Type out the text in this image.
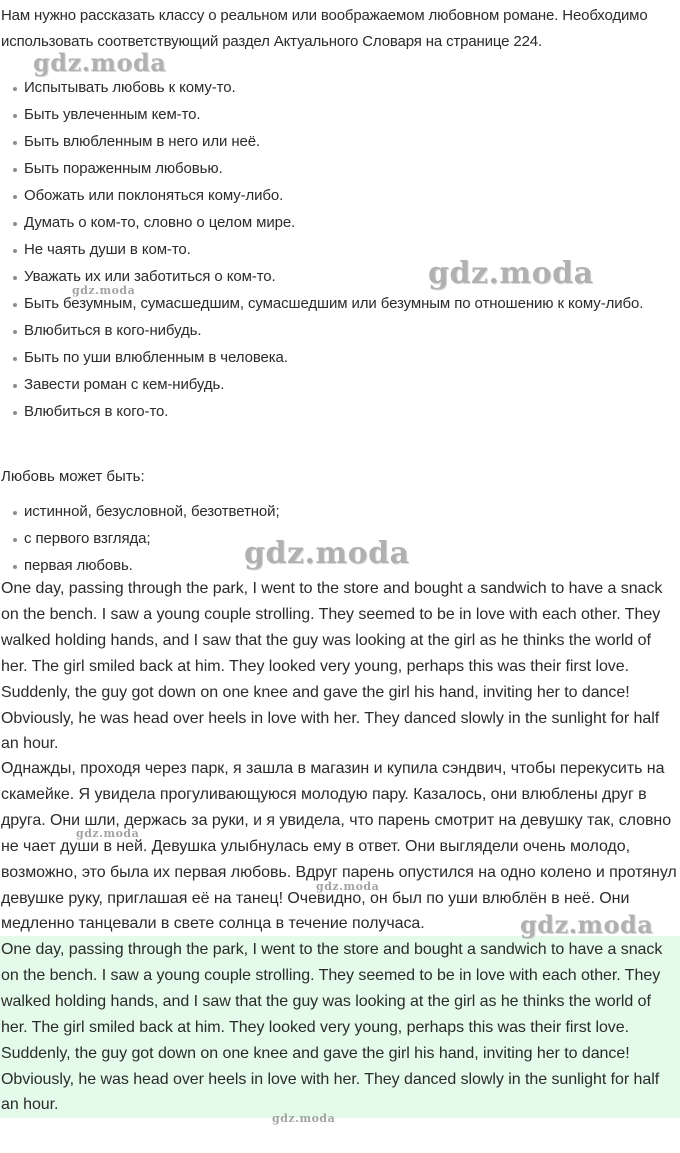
Нам нужно рассказать классу о реальном или воображаемом любовном романе. Необходимо использовать соответствующий раздел Актуального Словаря на странице 224.

Испытывать любовь к кому-то.
Быть увлеченным кем-то.
Быть влюбленным в него или неё.
Быть пораженным любовью.
Обожать или поклоняться кому-либо.
Думать о ком-то, словно о целом мире.
Не чаять души в ком-то.
Уважать их или заботиться о ком-то.
Быть безумным, сумасшедшим, сумасшедшим или безумным по отношению к кому-либо.
Влюбиться в кого-нибудь.
Быть по уши влюбленным в человека.
Завести роман с кем-нибудь.
Влюбиться в кого-то.
Любовь может быть:
истинной, безусловной, безответной;
с первого взгляда;
первая любовь.

One day, passing through the park, I went to the store and bought a sandwich to have a snack on the bench. I saw a young couple strolling. They seemed to be in love with each other. They walked holding hands, and I saw that the guy was looking at the girl as he thinks the world of her. The girl smiled back at him. They looked very young, perhaps this was their first love. Suddenly, the guy got down on one knee and gave the girl his hand, inviting her to dance! Obviously, he was head over heels in love with her. They danced slowly in the sunlight for half an hour.

Однажды, проходя через парк, я зашла в магазин и купила сэндвич, чтобы перекусить на скамейке. Я увидела прогуливающуюся молодую пару. Казалось, они влюблены друг в друга. Они шли, держась за руки, и я увидела, что парень смотрит на девушку так, словно не чает души в ней. Девушка улыбнулась ему в ответ. Они выглядели очень молодо, возможно, это была их первая любовь. Вдруг парень опустился на одно колено и протянул девушке руку, приглашая её на танец! Очевидно, он был по уши влюблён в неё. Они медленно танцевали в свете солнца в течение получаса.

One day, passing through the park, I went to the store and bought a sandwich to have a snack on the bench. I saw a young couple strolling. They seemed to be in love with each other. They walked holding hands, and I saw that the guy was looking at the girl as he thinks the world of her. The girl smiled back at him. They looked very young, perhaps this was their first love. Suddenly, the guy got down on one knee and gave the girl his hand, inviting her to dance! Obviously, he was head over heels in love with her. They danced slowly in the sunlight for half an hour.

gdz.moda
gdz.moda
gdz.moda
gdz.moda
gdz.moda
gdz.moda
gdz.moda
gdz.moda
